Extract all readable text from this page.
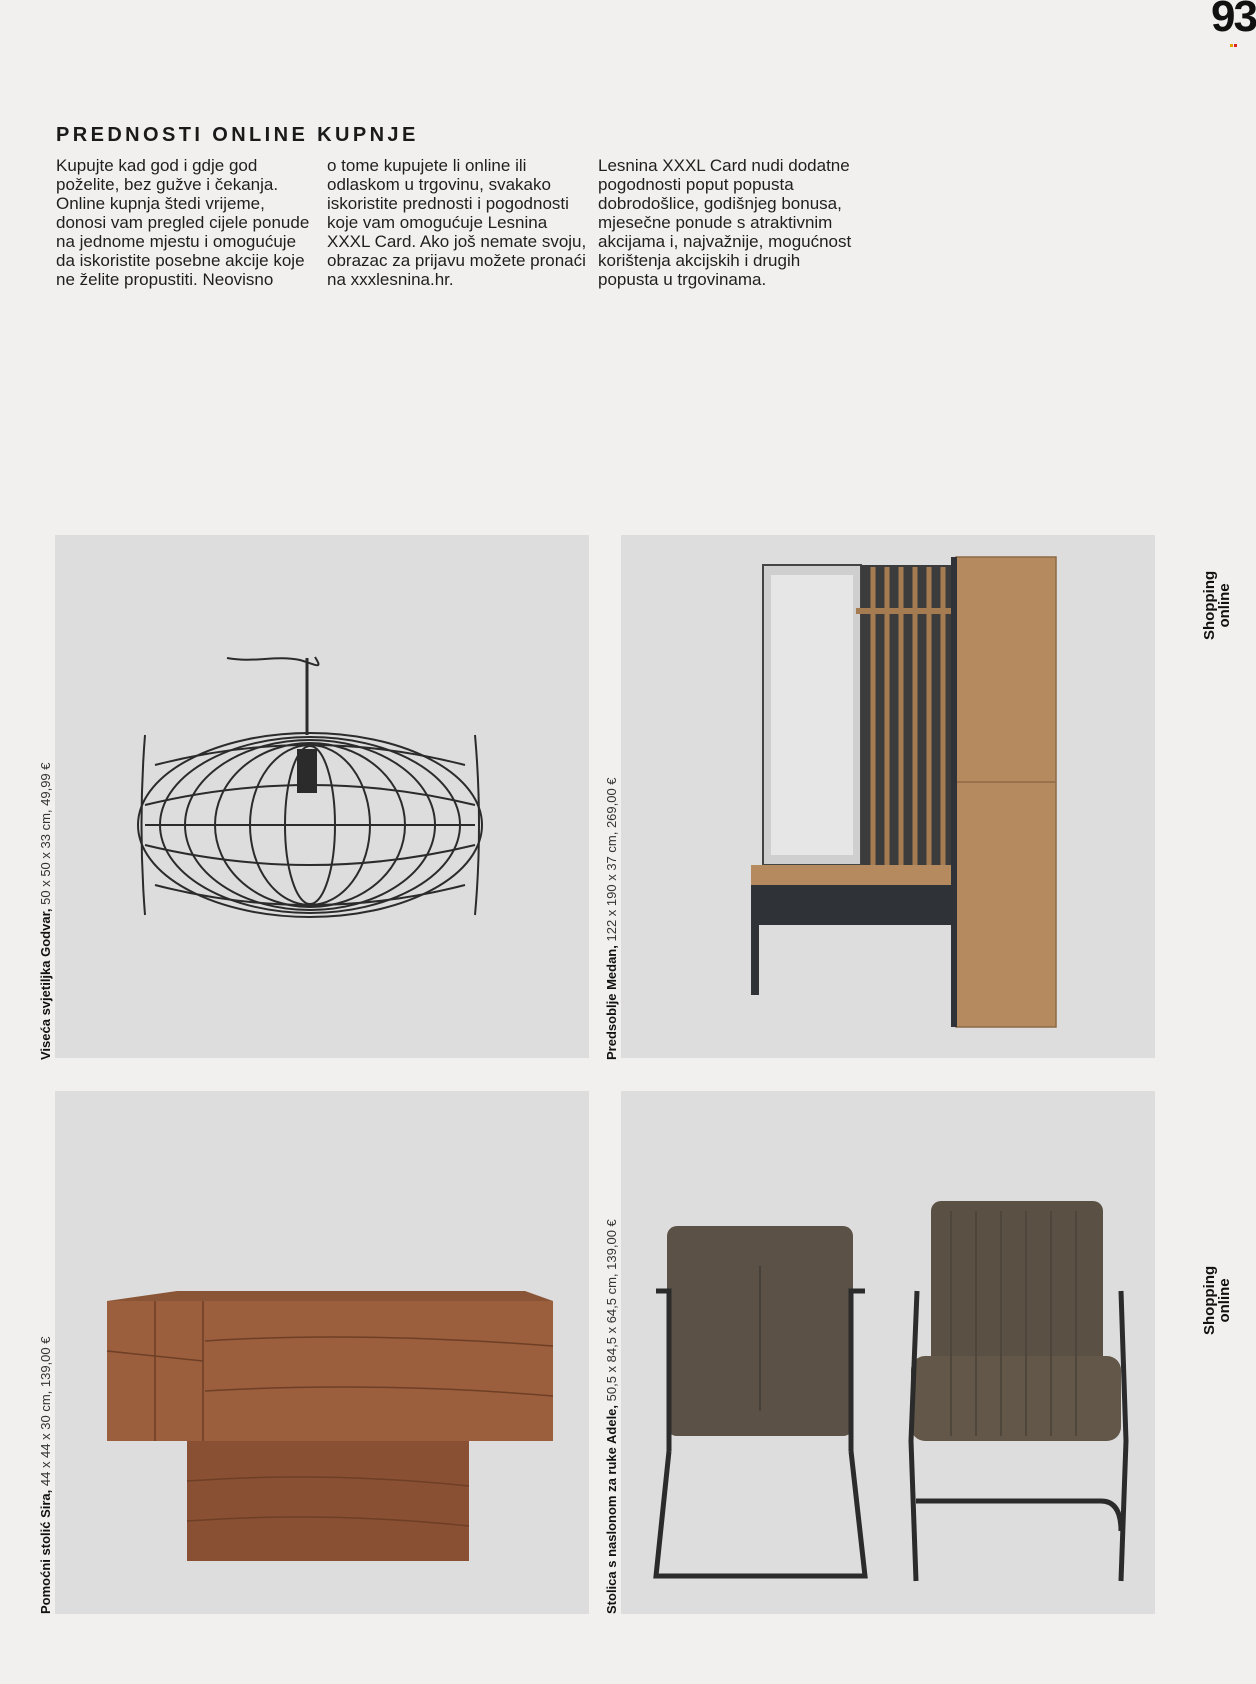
93
PREDNOSTI ONLINE KUPNJE

Kupujte kad god i gdje god poželite, bez gužve i čekanja. Online kupnja štedi vrijeme, donosi vam pregled cijele ponude na jednome mjestu i omogućuje da iskoristite posebne akcije koje ne želite propustiti. Neovisno

o tome kupujete li online ili odlaskom u trgovinu, svakako iskoristite prednosti i pogodnosti koje vam omogućuje Lesnina XXXL Card. Ako još nemate svoju, obrazac za prijavu možete pronaći na xxxlesnina.hr.

Lesnina XXXL Card nudi dodatne pogodnosti poput popusta dobrodošlice, godišnjeg bonusa, mjesečne ponude s atraktivnim akcijama i, najvažnije, mogućnost korištenja akcijskih i drugih popusta u trgovinama.

Viseća svjetiljka Godvar, 50 x 50 x 33 cm, 49,99 €
Predsoblje Medan, 122 x 190 x 37 cm, 269,00 €
Pomoćni stolić Sira, 44 x 44 x 30 cm, 139,00 €	Stolica s naslonom za ruke Adele, 50,5 x 84,5 x 64,5 cm, 139,00 €
Shopping
online
Shopping
online
